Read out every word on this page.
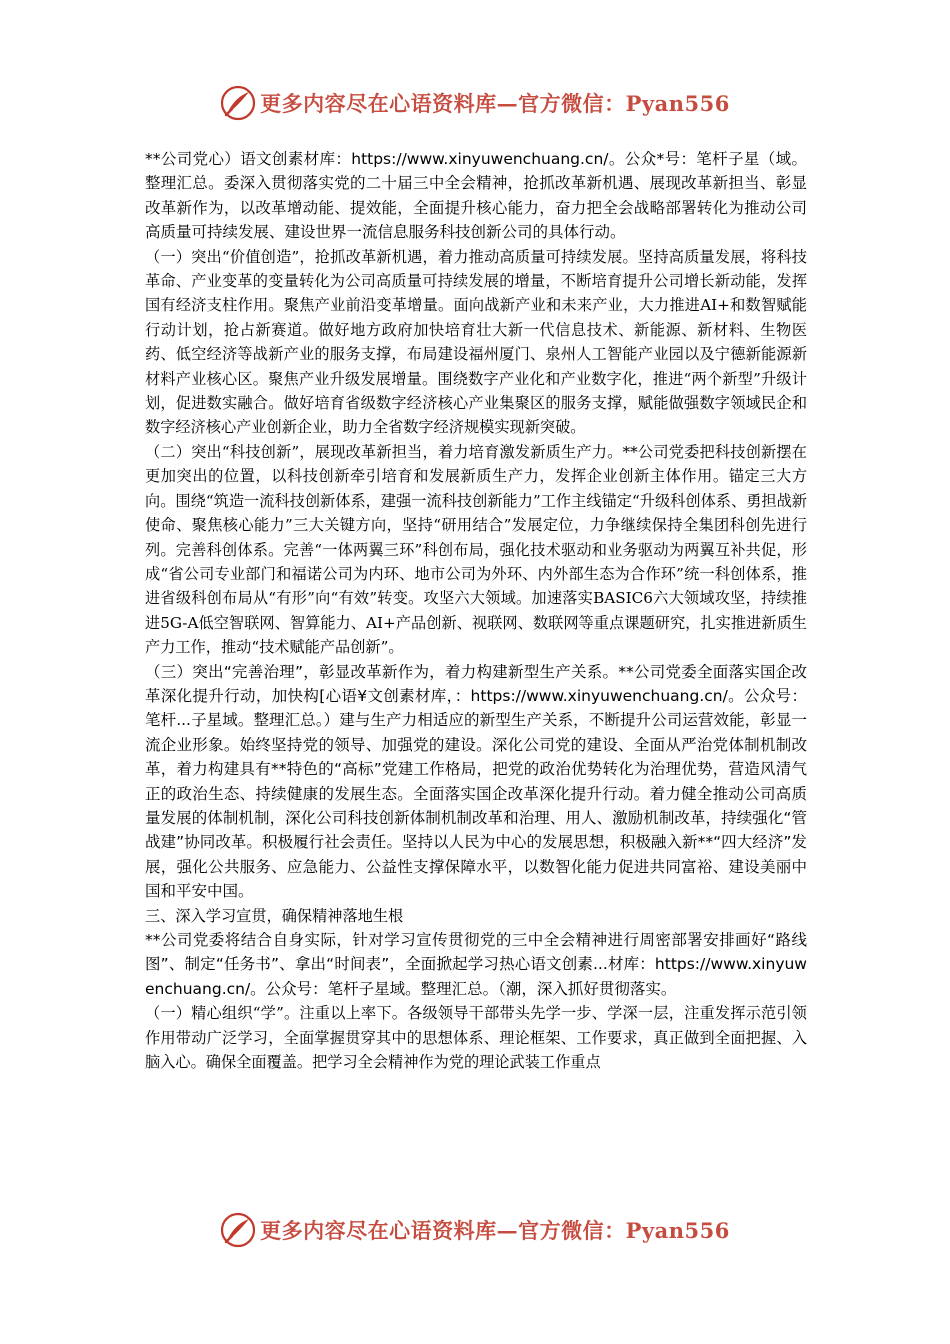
更多内容尽在心语资料库—官方微信：Pyan556

**公司党心）语文创素材库：https://www.xinyuwenchuang.cn/。公众*号：笔杆子星（域。整理汇总。委深入贯彻落实党的二十届三中全会精神，抢抓改革新机遇、展现改革新担当、彰显改革新作为，以改革增动能、提效能，全面提升核心能力，奋力把全会战略部署转化为推动公司高质量可持续发展、建设世界一流信息服务科技创新公司的具体行动。

（一）突出“价值创造”，抢抓改革新机遇，着力推动高质量可持续发展。坚持高质量发展，将科技革命、产业变革的变量转化为公司高质量可持续发展的增量，不断培育提升公司增长新动能，发挥国有经济支柱作用。聚焦产业前沿变革增量。面向战新产业和未来产业，大力推进AI+和数智赋能行动计划，抢占新赛道。做好地方政府加快培育壮大新一代信息技术、新能源、新材料、生物医药、低空经济等战新产业的服务支撑，布局建设福州厦门、泉州人工智能产业园以及宁德新能源新材料产业核心区。聚焦产业升级发展增量。围绕数字产业化和产业数字化，推进“两个新型”升级计划，促进数实融合。做好培育省级数字经济核心产业集聚区的服务支撑，赋能做强数字领域民企和数字经济核心产业创新企业，助力全省数字经济规模实现新突破。

（二）突出“科技创新”，展现改革新担当，着力培育激发新质生产力。**公司党委把科技创新摆在更加突出的位置，以科技创新牵引培育和发展新质生产力，发挥企业创新主体作用。锚定三大方向。围绕“筑造一流科技创新体系，建强一流科技创新能力”工作主线锚定“升级科创体系、勇担战新使命、聚焦核心能力”三大关键方向，坚持“研用结合”发展定位，力争继续保持全集团科创先进行列。完善科创体系。完善“一体两翼三环”科创布局，强化技术驱动和业务驱动为两翼互补共促，形成“省公司专业部门和福诺公司为内环、地市公司为外环、内外部生态为合作环”统一科创体系，推进省级科创布局从“有形”向“有效”转变。攻坚六大领域。加速落实BASIC6六大领域攻坚，持续推进5G-A低空智联网、智算能力、AI+产品创新、视联网、数联网等重点课题研究，扎实推进新质生产力工作，推动“技术赋能产品创新”。

（三）突出“完善治理”，彰显改革新作为，着力构建新型生产关系。**公司党委全面落实国企改革深化提升行动，加快构[心语¥文创素材库，：https://www.xinyuwenchuang.cn/。公众号：笔杆...子星域。整理汇总。）建与生产力相适应的新型生产关系，不断提升公司运营效能，彰显一流企业形象。始终坚持党的领导、加强党的建设。深化公司党的建设、全面从严治党体制机制改革，着力构建具有**特色的“高标”党建工作格局，把党的政治优势转化为治理优势，营造风清气正的政治生态、持续健康的发展生态。全面落实国企改革深化提升行动。着力健全推动公司高质量发展的体制机制，深化公司科技创新体制机制改革和治理、用人、激励机制改革，持续强化“管战建”协同改革。积极履行社会责任。坚持以人民为中心的发展思想，积极融入新**“四大经济”发展，强化公共服务、应急能力、公益性支撑保障水平，以数智化能力促进共同富裕、建设美丽中国和平安中国。

三、深入学习宣贯，确保精神落地生根

**公司党委将结合自身实际，针对学习宣传贯彻党的三中全会精神进行周密部署安排画好“路线图”、制定“任务书”、拿出“时间表”，全面掀起学习热心语文创素...材库：https://www.xinyuwenchuang.cn/。公众号：笔杆子星域。整理汇总。（潮，深入抓好贯彻落实。

（一）精心组织“学”。注重以上率下。各级领导干部带头先学一步、学深一层，注重发挥示范引领作用带动广泛学习，全面掌握贯穿其中的思想体系、理论框架、工作要求，真正做到全面把握、入脑入心。确保全面覆盖。把学习全会精神作为党的理论武装工作重点

更多内容尽在心语资料库—官方微信：Pyan556
